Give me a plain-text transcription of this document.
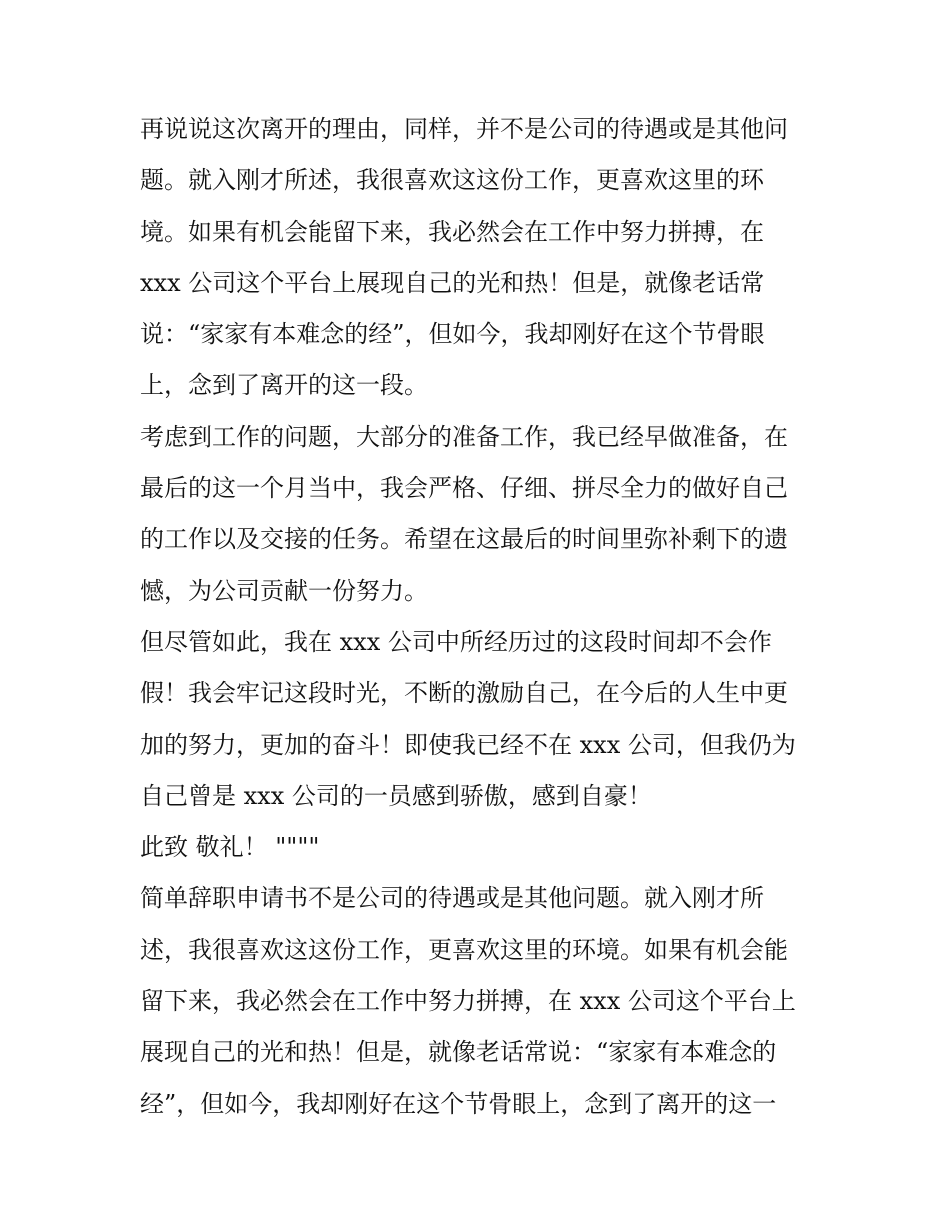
再说说这次离开的理由，同样，并不是公司的待遇或是其他问
题。就入刚才所述，我很喜欢这这份工作，更喜欢这里的环
境。如果有机会能留下来，我必然会在工作中努力拼搏，在
xxx 公司这个平台上展现自己的光和热！但是，就像老话常
说：“家家有本难念的经”，但如今，我却刚好在这个节骨眼
上，念到了离开的这一段。
考虑到工作的问题，大部分的准备工作，我已经早做准备，在
最后的这一个月当中，我会严格、仔细、拼尽全力的做好自己
的工作以及交接的任务。希望在这最后的时间里弥补剩下的遗
憾，为公司贡献一份努力。
但尽管如此，我在 xxx 公司中所经历过的这段时间却不会作
假！我会牢记这段时光，不断的激励自己，在今后的人生中更
加的努力，更加的奋斗！即使我已经不在 xxx 公司，但我仍为
自己曾是 xxx 公司的一员感到骄傲，感到自豪！
此致 敬礼！ """"
简单辞职申请书不是公司的待遇或是其他问题。就入刚才所
述，我很喜欢这这份工作，更喜欢这里的环境。如果有机会能
留下来，我必然会在工作中努力拼搏，在 xxx 公司这个平台上
展现自己的光和热！但是，就像老话常说：“家家有本难念的
经”，但如今，我却刚好在这个节骨眼上，念到了离开的这一
